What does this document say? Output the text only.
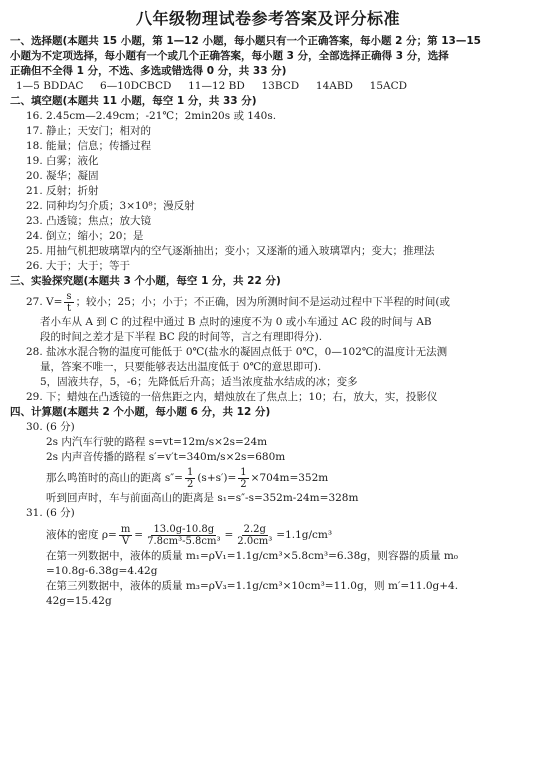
八年级物理试卷参考答案及评分标准
一、选择题(本题共 15 小题，第 1—12 小题，每小题只有一个正确答案，每小题 2 分；第 13—15
小题为不定项选择，每小题有一个或几个正确答案，每小题 3 分，全部选择正确得 3 分，选择
正确但不全得 1 分，不选、多选或错选得 0 分，共 33 分)
1—5 BDDAC     6—10DCBCD     11—12 BD     13BCD     14ABD     15ACD
二、填空题(本题共 11 小题，每空 1 分，共 33 分)
16. 2.45cm—2.49cm；-21℃；2min20s 或 140s.
17. 静止；天安门；相对的
18. 能量；信息；传播过程
19. 白雾；液化
20. 凝华；凝固
21. 反射；折射
22. 同种均匀介质；3×10⁸；漫反射
23. 凸透镜；焦点；放大镜
24. 倒立；缩小；20；是
25. 用抽气机把玻璃罩内的空气逐渐抽出；变小；又逐渐的通入玻璃罩内；变大；推理法
26. 大于；大于；等于
三、实验探究题(本题共 3 个小题，每空 1 分，共 22 分)
27. $V= \frac{s}{t}$ ；较小；25；小；小于；不正确，因为所测时间不是运动过程中下半程的时间(或
者小车从 A 到 C 的过程中通过 B 点时的速度不为 0 或小车通过 AC 段的时间与 AB
段的时间之差才是下半程 BC 段的时间等，言之有理即得分).
28. 盐冰水混合物的温度可能低于 0℃(盐水的凝固点低于 0℃，0—102℃的温度计无法测
量，答案不唯一，只要能够表达出温度低于 0℃的意思即可).
5，固液共存，5，-6；先降低后升高；适当浓度盐水结成的冰；变多
29. 下；蜡烛在凸透镜的一倍焦距之内，蜡烛放在了焦点上；10；右，放大，实，投影仪
四、计算题(本题共 2 个小题，每小题 6 分，共 12 分)
30. (6 分)
2s 内汽车行驶的路程 s=vt=12m/s×2s=24m
2s 内声音传播的路程 s′=v′t=340m/s×2s=680m
那么鸣笛时的高山的距离 $s''= \frac{1}{2} (s+s')= \frac{1}{2} \times 704m=352m$
听到回声时，车与前面高山的距离是 s₁=s″-s=352m-24m=328m
31. (6 分)
液体的密度 $\rho= \frac{m}{V} = \frac{13.0g-10.8g}{\text{7.8cm³-5.8cm³}} = \frac{2.2g}{\text{2.0cm³}} =1.1g/cm^3$
在第一列数据中，液体的质量 m₁=ρV₁=1.1g/cm³×5.8cm³=6.38g，则容器的质量 m₀
=10.8g-6.38g=4.42g
在第三列数据中，液体的质量 m₃=ρV₃=1.1g/cm³×10cm³=11.0g，则 m′=11.0g+4.
42g=15.42g
